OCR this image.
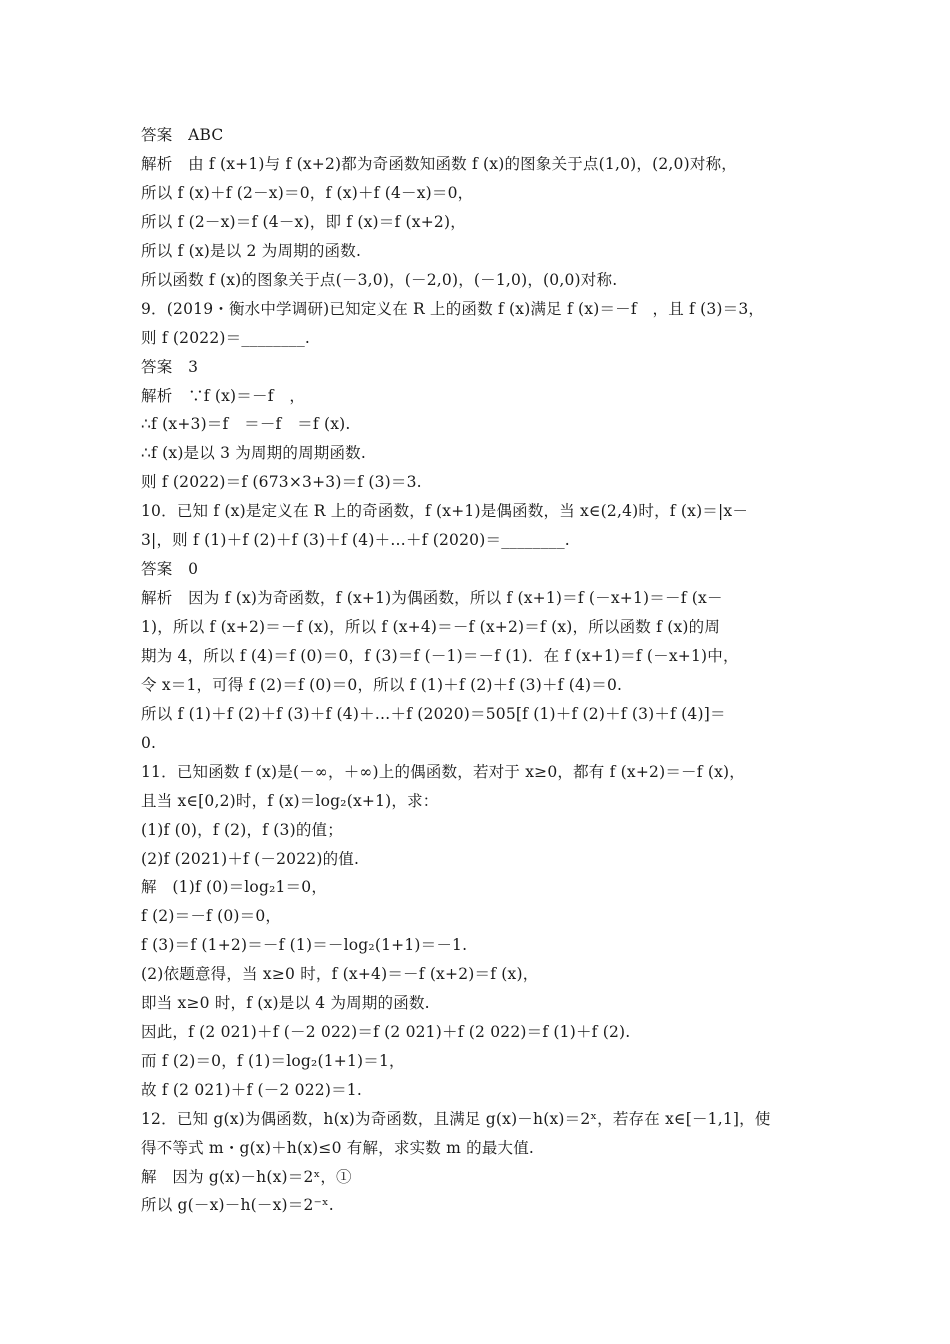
答案　ABC
解析　由 f (x+1)与 f (x+2)都为奇函数知函数 f (x)的图象关于点(1,0)，(2,0)对称，
所以 f (x)＋f (2－x)＝0，f (x)＋f (4－x)＝0，
所以 f (2－x)＝f (4－x)，即 f (x)＝f (x+2)，
所以 f (x)是以 2 为周期的函数.
所以函数 f (x)的图象关于点(－3,0)，(－2,0)，(－1,0)，(0,0)对称.
9．(2019・衡水中学调研)已知定义在 R 上的函数 f (x)满足 f (x)＝－f　，且 f (3)＝3，
则 f (2022)＝________.
答案　3
解析　∵f (x)＝－f　，
∴f (x+3)＝f　＝－f　＝f (x).
∴f (x)是以 3 为周期的周期函数.
则 f (2022)＝f (673×3+3)＝f (3)＝3.
10．已知 f (x)是定义在 R 上的奇函数，f (x+1)是偶函数，当 x∈(2,4)时，f (x)＝|x－
3|，则 f (1)＋f (2)＋f (3)＋f (4)＋…＋f (2020)＝________.
答案　0
解析　因为 f (x)为奇函数，f (x+1)为偶函数，所以 f (x+1)＝f (－x+1)＝－f (x－
1)，所以 f (x+2)＝－f (x)，所以 f (x+4)＝－f (x+2)＝f (x)，所以函数 f (x)的周
期为 4，所以 f (4)＝f (0)＝0，f (3)＝f (－1)＝－f (1)．在 f (x+1)＝f (－x+1)中，
令 x＝1，可得 f (2)＝f (0)＝0，所以 f (1)＋f (2)＋f (3)＋f (4)＝0.
所以 f (1)＋f (2)＋f (3)＋f (4)＋…＋f (2020)＝505[f (1)＋f (2)＋f (3)＋f (4)]＝
0.
11．已知函数 f (x)是(－∞，＋∞)上的偶函数，若对于 x≥0，都有 f (x+2)＝－f (x)，
且当 x∈[0,2)时，f (x)＝log₂(x+1)，求：
(1)f (0)，f (2)，f (3)的值；
(2)f (2021)＋f (－2022)的值.
解　(1)f (0)＝log₂1＝0，
f (2)＝－f (0)＝0，
f (3)＝f (1+2)＝－f (1)＝－log₂(1+1)＝－1.
(2)依题意得，当 x≥0 时，f (x+4)＝－f (x+2)＝f (x)，
即当 x≥0 时，f (x)是以 4 为周期的函数.
因此，f (2 021)＋f (－2 022)＝f (2 021)＋f (2 022)＝f (1)＋f (2).
而 f (2)＝0，f (1)＝log₂(1+1)＝1，
故 f (2 021)＋f (－2 022)＝1.
12．已知 g(x)为偶函数，h(x)为奇函数，且满足 g(x)－h(x)＝2ˣ，若存在 x∈[－1,1]，使
得不等式 m・g(x)＋h(x)≤0 有解，求实数 m 的最大值.
解　因为 g(x)－h(x)＝2ˣ，①
所以 g(－x)－h(－x)＝2⁻ˣ.
